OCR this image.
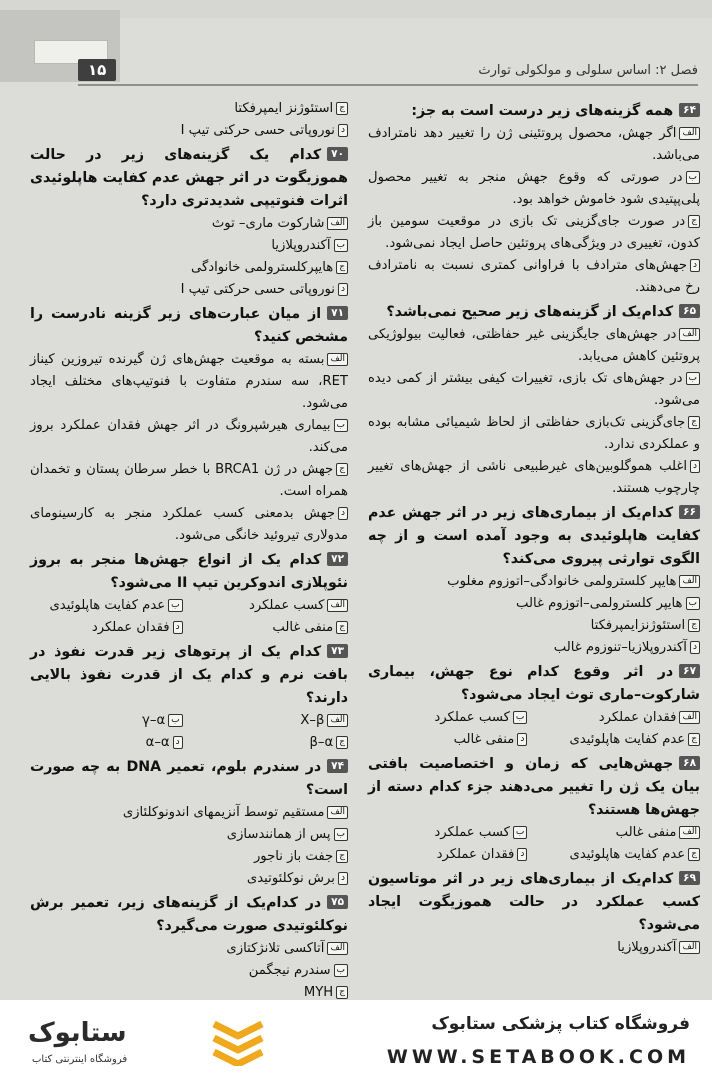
۱۵	فصل ۲: اساس سلولی و مولکولی توارث
۶۴همه گزینه‌های زیر درست است به جز:
الفاگر جهش، محصول پروتئینی ژن را تغییر دهد نامترادف می‌باشد.
بدر صورتی که وقوع جهش منجر به تغییر محصول پلی‌پپتیدی شود خاموش خواهد بود.
جدر صورت جای‌گزینی تک بازی در موقعیت سومین باز کدون، تغییری در ویژگی‌های پروتئین حاصل ایجاد نمی‌شود.
دجهش‌های مترادف با فراوانی کمتری نسبت به نامترادف رخ می‌دهند.
۶۵کدام‌یک از گزینه‌های زیر صحیح نمی‌باشد؟
الفدر جهش‌های جایگزینی غیر حفاظتی، فعالیت بیولوژیکی پروتئین کاهش می‌یابد.
بدر جهش‌های تک بازی، تغییرات کیفی بیشتر از کمی دیده می‌شود.
ججای‌گزینی تک‌بازی حفاظتی از لحاظ شیمیائی مشابه بوده و عملکردی ندارد.
داغلب هموگلوبین‌های غیرطبیعی ناشی از جهش‌های تغییر چارچوب هستند.
۶۶کدام‌یک از بیماری‌های زیر در اثر جهش عدم کفایت هاپلوئیدی به وجود آمده است و از چه الگوی توارثی پیروی می‌کند؟
الفهایپر کلسترولمی خانوادگی–اتوزوم مغلوب
بهایپر کلسترولمی–اتوزوم غالب
جاستئوژنزایمپرفکتا
دآکندروپلازیا–تنوزوم غالب
۶۷در اثر وقوع کدام نوع جهش، بیماری شارکوت–ماری توث ایجاد می‌شود؟
الففقدان عملکرد
بکسب عملکرد
جعدم کفایت هاپلوئیدی
دمنفی غالب
۶۸جهش‌هایی که زمان و اختصاصیت بافتی بیان یک ژن را تغییر می‌دهند جزء کدام دسته از جهش‌ها هستند؟
الفمنفی غالب
بکسب عملکرد
جعدم کفایت هاپلوئیدی
دفقدان عملکرد
۶۹کدام‌یک از بیماری‌های زیر در اثر موتاسیون کسب عملکرد در حالت هموزیگوت ایجاد می‌شود؟
الفآکندروپلازیا
جاستئوژنز ایمپرفکتا
دنوروپاتی حسی حرکتی تیپ I
۷۰کدام یک گزینه‌های زیر در حالت هموزیگوت در اثر جهش عدم کفایت هاپلوئیدی اثرات فنوتیپی شدیدتری دارد؟
الفشارکوت ماری– توث
بآکندروپلازیا
جهایپرکلسترولمی خانوادگی
دنوروپاتی حسی حرکتی تیپ I
۷۱از میان عبارت‌های زیر گزینه نادرست را مشخص کنید؟
الفبسته به موقعیت جهش‌های ژن گیرنده تیروزین کیناز RET، سه سندرم متفاوت با فنوتیپ‌های مختلف ایجاد می‌شود.
ببیماری هیرشپرونگ در اثر جهش فقدان عملکرد بروز می‌کند.
ججهش در ژن BRCA1 با خطر سرطان پستان و تخمدان همراه است.
دجهش بدمعنی کسب عملکرد منجر به کارسینومای مدولاری تیروئید خانگی می‌شود.
۷۲کدام یک از انواع جهش‌ها منجر به بروز نئوپلازی اندوکرین تیپ II می‌شود؟
الفکسب عملکرد
بعدم کفایت هاپلوئیدی
جمنفی غالب
دفقدان عملکرد
۷۳کدام یک از پرتوهای زیر قدرت نفوذ در بافت نرم و کدام یک از قدرت نفوذ بالایی دارند؟
الفX–β
بγ–α
جβ–α
دα–α
۷۴در سندرم بلوم، تعمیر DNA به چه صورت است؟
الفمستقیم توسط آنزیمهای اندونوکلئازی
بپس از همانندسازی
ججفت باز ناجور
دبرش نوکلئوتیدی
۷۵در کدام‌یک از گزینه‌های زیر، تعمیر برش نوکلئوتیدی صورت می‌گیرد؟
الفآتاکسی تلانژکتازی
بسندرم نیجگمن
جMYH
ستابوک
فروشگاه اینترنتی کتاب
فروشگاه کتاب پزشکی ستابوک
WWW.SETABOOK.COM
